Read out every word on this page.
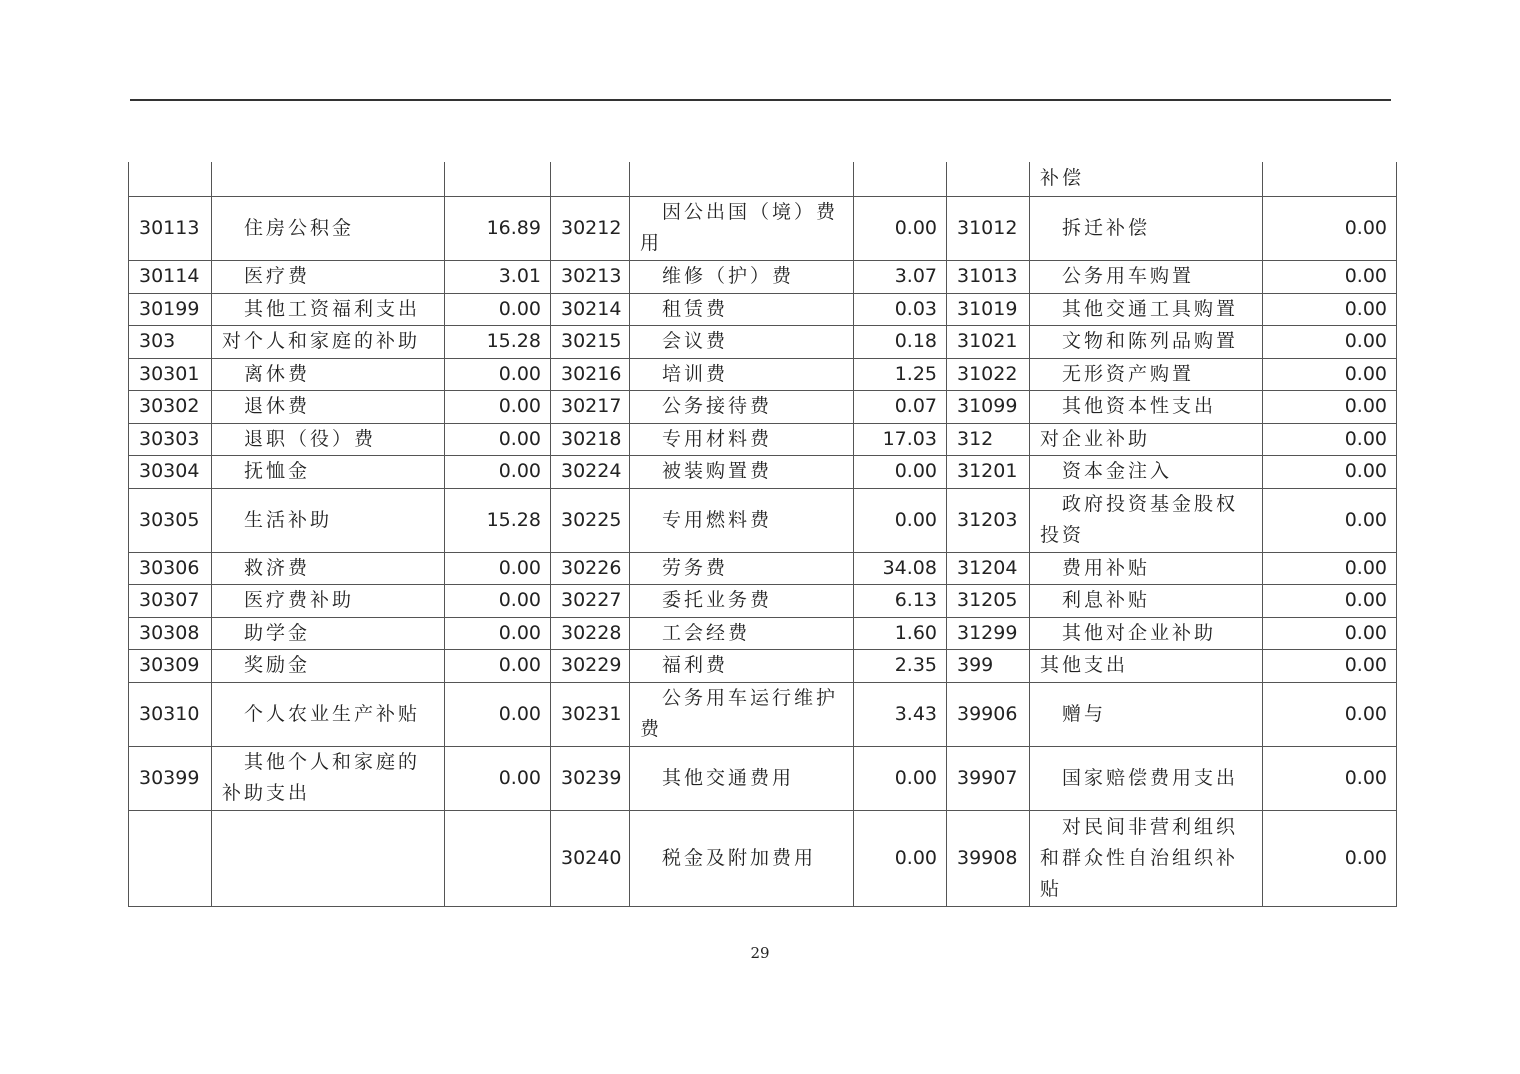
							补偿	

30113	住房公积金	16.89	30212	因公出国（境）费用	0.00	31012	拆迁补偿	0.00
30114	医疗费	3.01	30213	维修（护）费	3.07	31013	公务用车购置	0.00
30199	其他工资福利支出	0.00	30214	租赁费	0.03	31019	其他交通工具购置	0.00
303	对个人和家庭的补助	15.28	30215	会议费	0.18	31021	文物和陈列品购置	0.00
30301	离休费	0.00	30216	培训费	1.25	31022	无形资产购置	0.00
30302	退休费	0.00	30217	公务接待费	0.07	31099	其他资本性支出	0.00
30303	退职（役）费	0.00	30218	专用材料费	17.03	312	对企业补助	0.00
30304	抚恤金	0.00	30224	被装购置费	0.00	31201	资本金注入	0.00
30305	生活补助	15.28	30225	专用燃料费	0.00	31203	政府投资基金股权投资	0.00
30306	救济费	0.00	30226	劳务费	34.08	31204	费用补贴	0.00
30307	医疗费补助	0.00	30227	委托业务费	6.13	31205	利息补贴	0.00
30308	助学金	0.00	30228	工会经费	1.60	31299	其他对企业补助	0.00
30309	奖励金	0.00	30229	福利费	2.35	399	其他支出	0.00
30310	个人农业生产补贴	0.00	30231	公务用车运行维护费	3.43	39906	赠与	0.00
30399	其他个人和家庭的补助支出	0.00	30239	其他交通费用	0.00	39907	国家赔偿费用支出	0.00

		30240	税金及附加费用	0.00	39908	对民间非营利组织和群众性自治组织补贴	0.00
29
